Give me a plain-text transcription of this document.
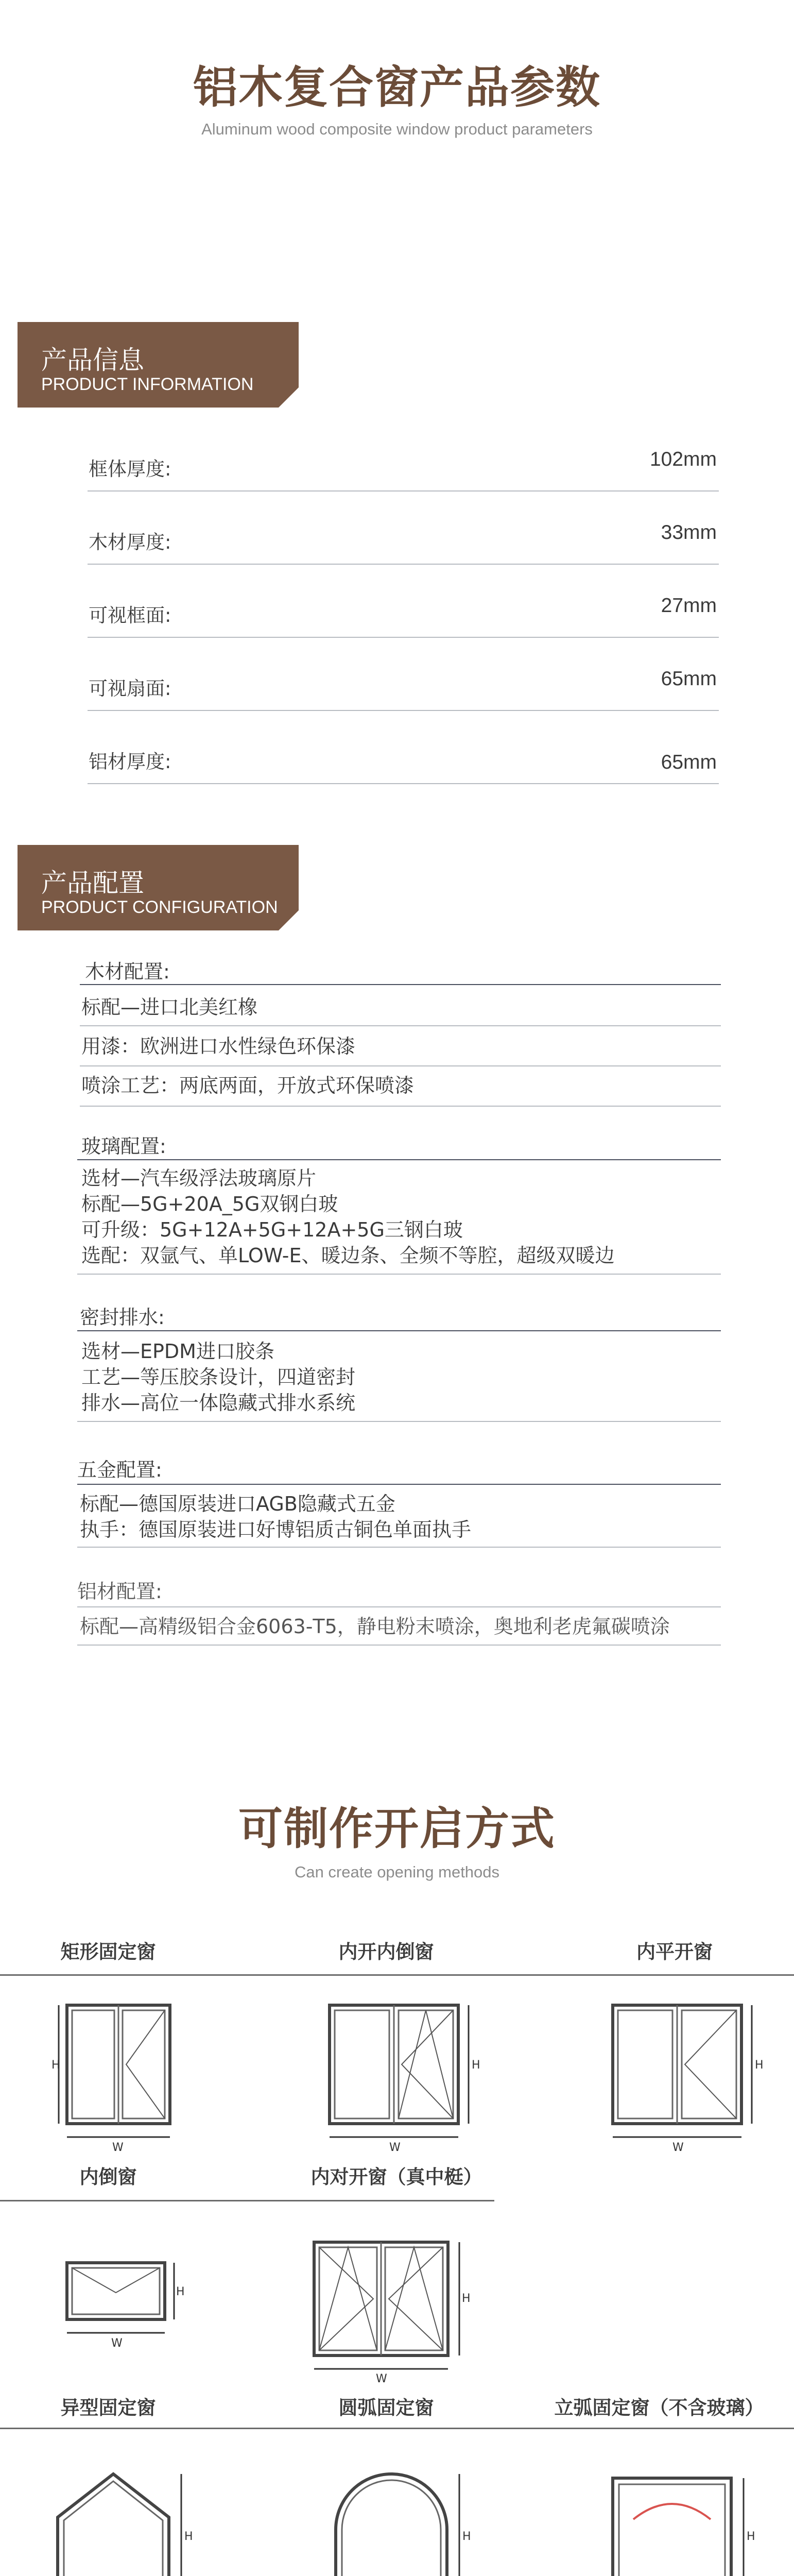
铝木复合窗产品参数
Aluminum wood composite window product parameters
产品信息
PRODUCT INFORMATION
框体厚度:	102mm
木材厚度:	33mm
可视框面:	27mm
可视扇面:	65mm
铝材厚度:	65mm
产品配置
PRODUCT CONFIGURATION
木材配置:
标配—进口北美红橡
用漆：欧洲进口水性绿色环保漆
喷涂工艺：两底两面，开放式环保喷漆
玻璃配置:
选材—汽车级浮法玻璃原片
标配—5G+20A_5G双钢白玻
可升级：5G+12A+5G+12A+5G三钢白玻
选配：双氩气、单LOW-E、暖边条、全频不等腔，超级双暖边
密封排水:
选材—EPDM进口胶条
工艺—等压胶条设计，四道密封
排水—高位一体隐藏式排水系统
五金配置:
标配—德国原装进口AGB隐藏式五金
执手：德国原装进口好博铝质古铜色单面执手
铝材配置:
标配—高精级铝合金6063-T5，静电粉末喷涂，奥地利老虎氟碳喷涂
可制作开启方式
Can create opening methods
矩形固定窗	内开内倒窗	内平开窗
H
W
H
W
H
W
内倒窗	内对开窗（真中梃）
H
W
H
W
异型固定窗	圆弧固定窗	立弧固定窗（不含玻璃）
H	H	H
